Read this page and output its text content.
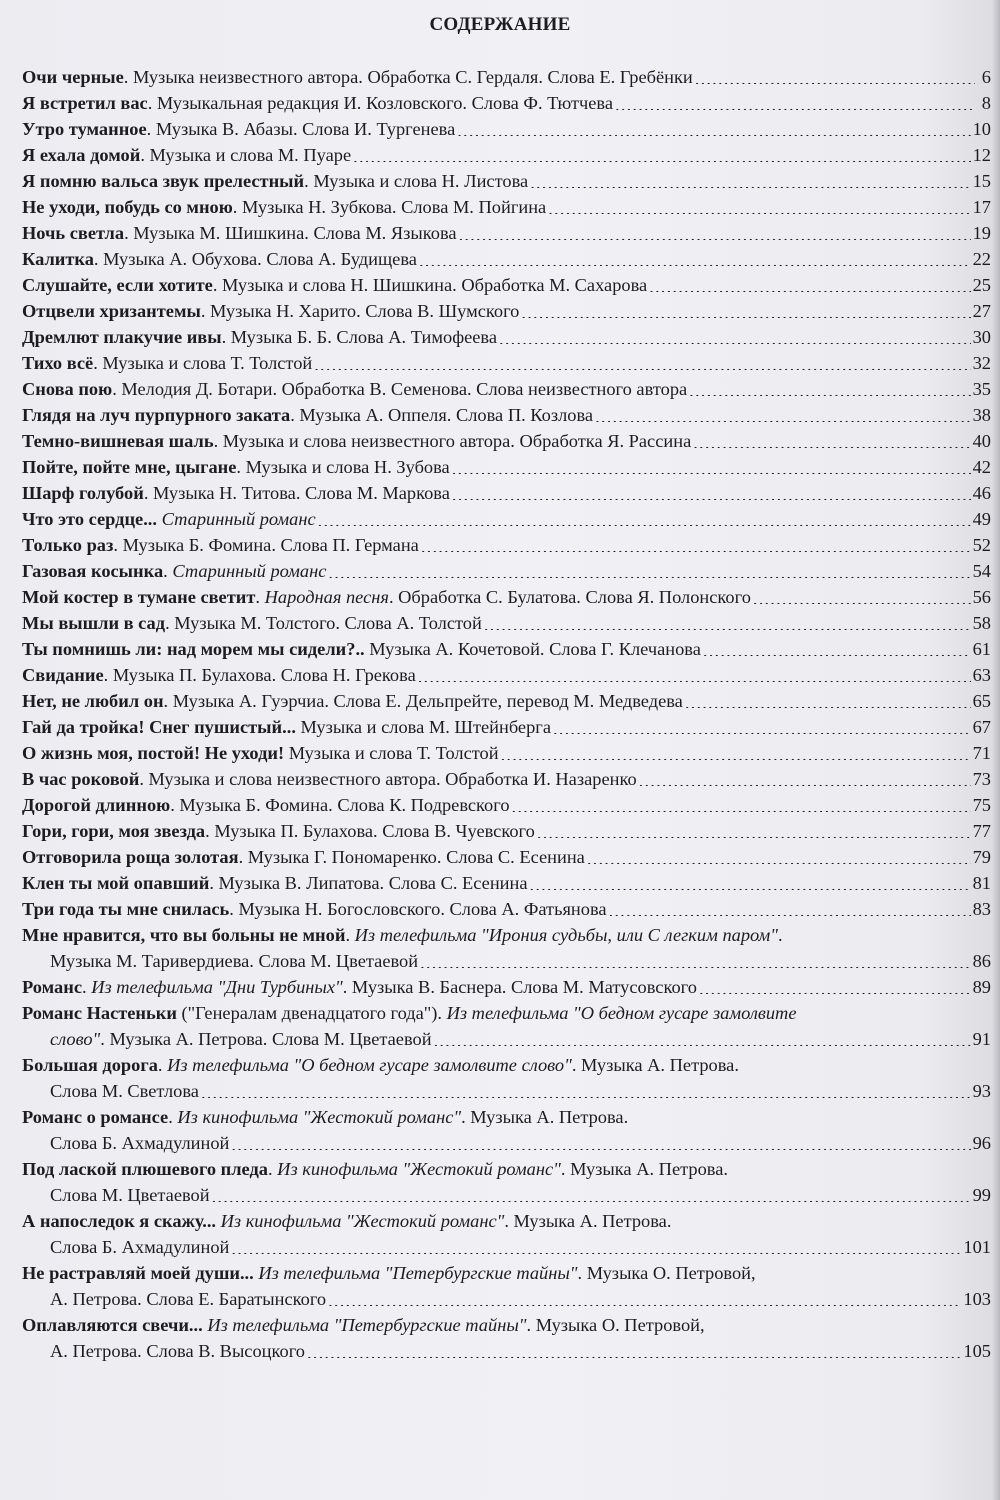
СОДЕРЖАНИЕ
Очи черные. Музыка неизвестного автора. Обработка С. Гердаля. Слова Е. Гребёнки .....	6
Я встретил вас. Музыкальная редакция И. Козловского. Слова Ф. Тютчева .....	8
Утро туманное. Музыка В. Абазы. Слова И. Тургенева .....	10
Я ехала домой. Музыка и слова М. Пуаре .....	12
Я помню вальса звук прелестный. Музыка и слова Н. Листова .....	15
Не уходи, побудь со мною. Музыка Н. Зубкова. Слова М. Пойгина .....	17
Ночь светла. Музыка М. Шишкина. Слова М. Языкова .....	19
Калитка. Музыка А. Обухова. Слова А. Будищева .....	22
Слушайте, если хотите. Музыка и слова Н. Шишкина. Обработка М. Сахарова .....	25
Отцвели хризантемы. Музыка Н. Харито. Слова В. Шумского .....	27
Дремлют плакучие ивы. Музыка Б. Б. Слова А. Тимофеева .....	30
Тихо всё. Музыка и слова Т. Толстой .....	32
Снова пою. Мелодия Д. Ботари. Обработка В. Семенова. Слова неизвестного автора .....	35
Глядя на луч пурпурного заката. Музыка А. Оппеля. Слова П. Козлова .....	38
Темно-вишневая шаль. Музыка и слова неизвестного автора. Обработка Я. Рассина .....	40
Пойте, пойте мне, цыгане. Музыка и слова Н. Зубова .....	42
Шарф голубой. Музыка Н. Титова. Слова М. Маркова .....	46
Что это сердце... Старинный романс .....	49
Только раз. Музыка Б. Фомина. Слова П. Германа .....	52
Газовая косынка. Старинный романс .....	54
Мой костер в тумане светит. Народная песня. Обработка С. Булатова. Слова Я. Полонского .....	56
Мы вышли в сад. Музыка М. Толстого. Слова А. Толстой .....	58
Ты помнишь ли: над морем мы сидели?.. Музыка А. Кочетовой. Слова Г. Клечанова .....	61
Свидание. Музыка П. Булахова. Слова Н. Грекова .....	63
Нет, не любил он. Музыка А. Гуэрчиа. Слова Е. Дельпрейте, перевод М. Медведева .....	65
Гай да тройка! Снег пушистый... Музыка и слова М. Штейнберга .....	67
О жизнь моя, постой! Не уходи! Музыка и слова Т. Толстой .....	71
В час роковой. Музыка и слова неизвестного автора. Обработка И. Назаренко .....	73
Дорогой длинною. Музыка Б. Фомина. Слова К. Подревского .....	75
Гори, гори, моя звезда. Музыка П. Булахова. Слова В. Чуевского .....	77
Отговорила роща золотая. Музыка Г. Пономаренко. Слова С. Есенина .....	79
Клен ты мой опавший. Музыка В. Липатова. Слова С. Есенина .....	81
Три года ты мне снилась. Музыка Н. Богословского. Слова А. Фатьянова .....	83
Мне нравится, что вы больны не мной. Из телефильма "Ирония судьбы, или С легким паром".
Музыка М. Таривердиева. Слова М. Цветаевой .....	86
Романс. Из телефильма "Дни Турбиных". Музыка В. Баснера. Слова М. Матусовского .....	89
Романс Настеньки ("Генералам двенадцатого года"). Из телефильма "О бедном гусаре замолвите
слово". Музыка А. Петрова. Слова М. Цветаевой .....	91
Большая дорога. Из телефильма "О бедном гусаре замолвите слово". Музыка А. Петрова.
Слова М. Светлова .....	93
Романс о романсе. Из кинофильма "Жестокий романс". Музыка А. Петрова.
Слова Б. Ахмадулиной .....	96
Под лаской плюшевого пледа. Из кинофильма "Жестокий романс". Музыка А. Петрова.
Слова М. Цветаевой .....	99
А напоследок я скажу... Из кинофильма "Жестокий романс". Музыка А. Петрова.
Слова Б. Ахмадулиной .....	101
Не растравляй моей души... Из телефильма "Петербургские тайны". Музыка О. Петровой,
А. Петрова. Слова Е. Баратынского .....	103
Оплавляются свечи... Из телефильма "Петербургские тайны". Музыка О. Петровой,
А. Петрова. Слова В. Высоцкого .....	105
